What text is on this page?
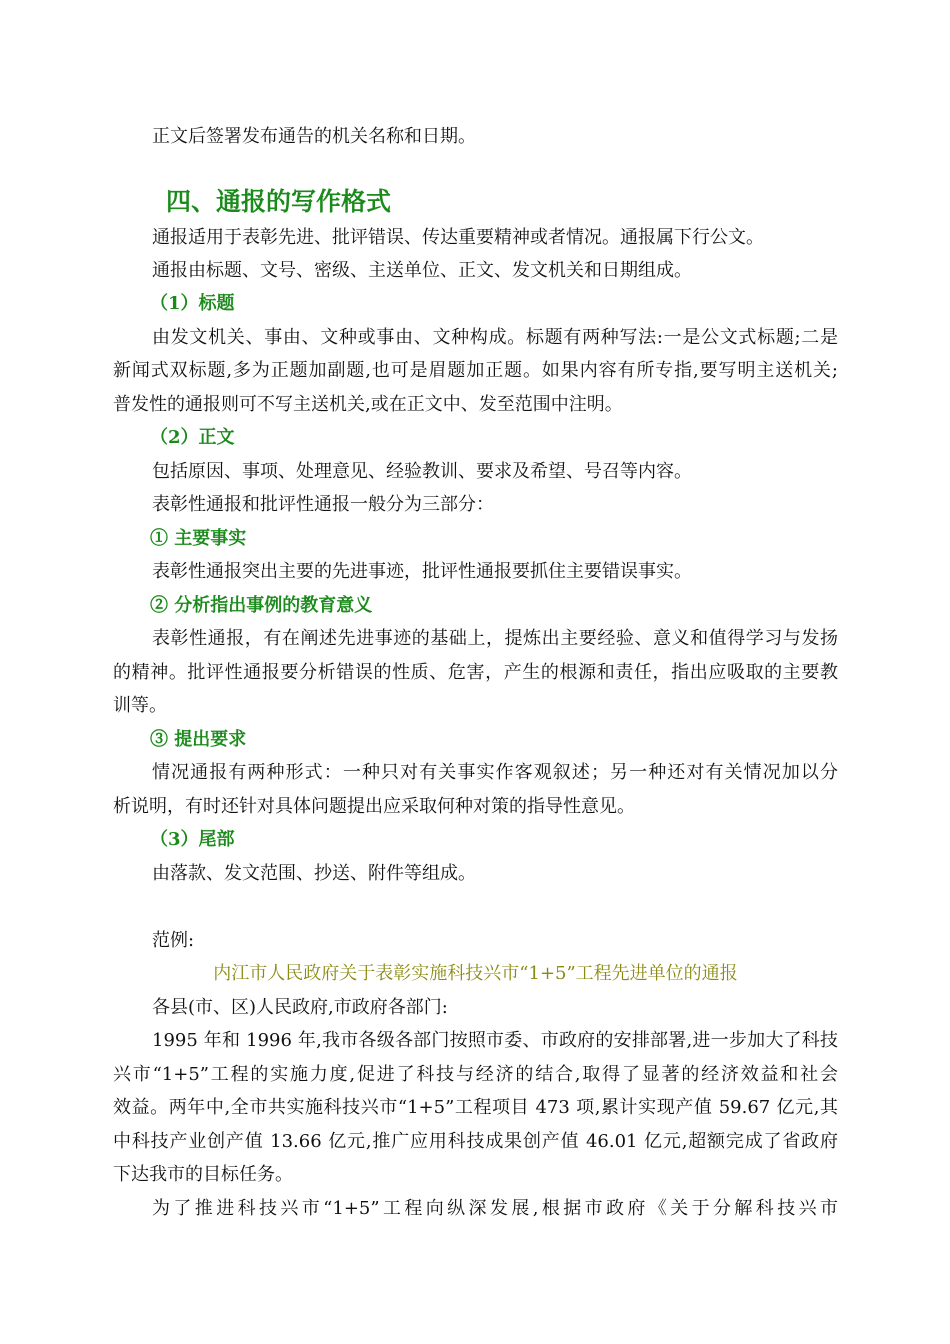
正文后签署发布通告的机关名称和日期。
四、通报的写作格式
通报适用于表彰先进、批评错误、传达重要精神或者情况。通报属下行公文。
通报由标题、文号、密级、主送单位、正文、发文机关和日期组成。
（1）标题
由发文机关、事由、文种或事由、文种构成。标题有两种写法:一是公文式标题;二是
新闻式双标题,多为正题加副题,也可是眉题加正题。如果内容有所专指,要写明主送机关;
普发性的通报则可不写主送机关,或在正文中、发至范围中注明。
（2）正文
包括原因、事项、处理意见、经验教训、要求及希望、号召等内容。
表彰性通报和批评性通报一般分为三部分：
① 主要事实
表彰性通报突出主要的先进事迹，批评性通报要抓住主要错误事实。
② 分析指出事例的教育意义
表彰性通报，有在阐述先进事迹的基础上，提炼出主要经验、意义和值得学习与发扬
的精神。批评性通报要分析错误的性质、危害，产生的根源和责任，指出应吸取的主要教
训等。
③ 提出要求
情况通报有两种形式：一种只对有关事实作客观叙述；另一种还对有关情况加以分
析说明，有时还针对具体问题提出应采取何种对策的指导性意见。
（3）尾部
由落款、发文范围、抄送、附件等组成。
范例:
内江市人民政府关于表彰实施科技兴市“1+5”工程先进单位的通报
各县(市、区)人民政府,市政府各部门:
1995 年和 1996 年,我市各级各部门按照市委、市政府的安排部署,进一步加大了科技
兴市“1+5”工程的实施力度,促进了科技与经济的结合,取得了显著的经济效益和社会
效益。两年中,全市共实施科技兴市“1+5”工程项目 473 项,累计实现产值 59.67 亿元,其
中科技产业创产值 13.66 亿元,推广应用科技成果创产值 46.01 亿元,超额完成了省政府
下达我市的目标任务。
为了推进科技兴市“1+5”工程向纵深发展,根据市政府《关于分解科技兴市
